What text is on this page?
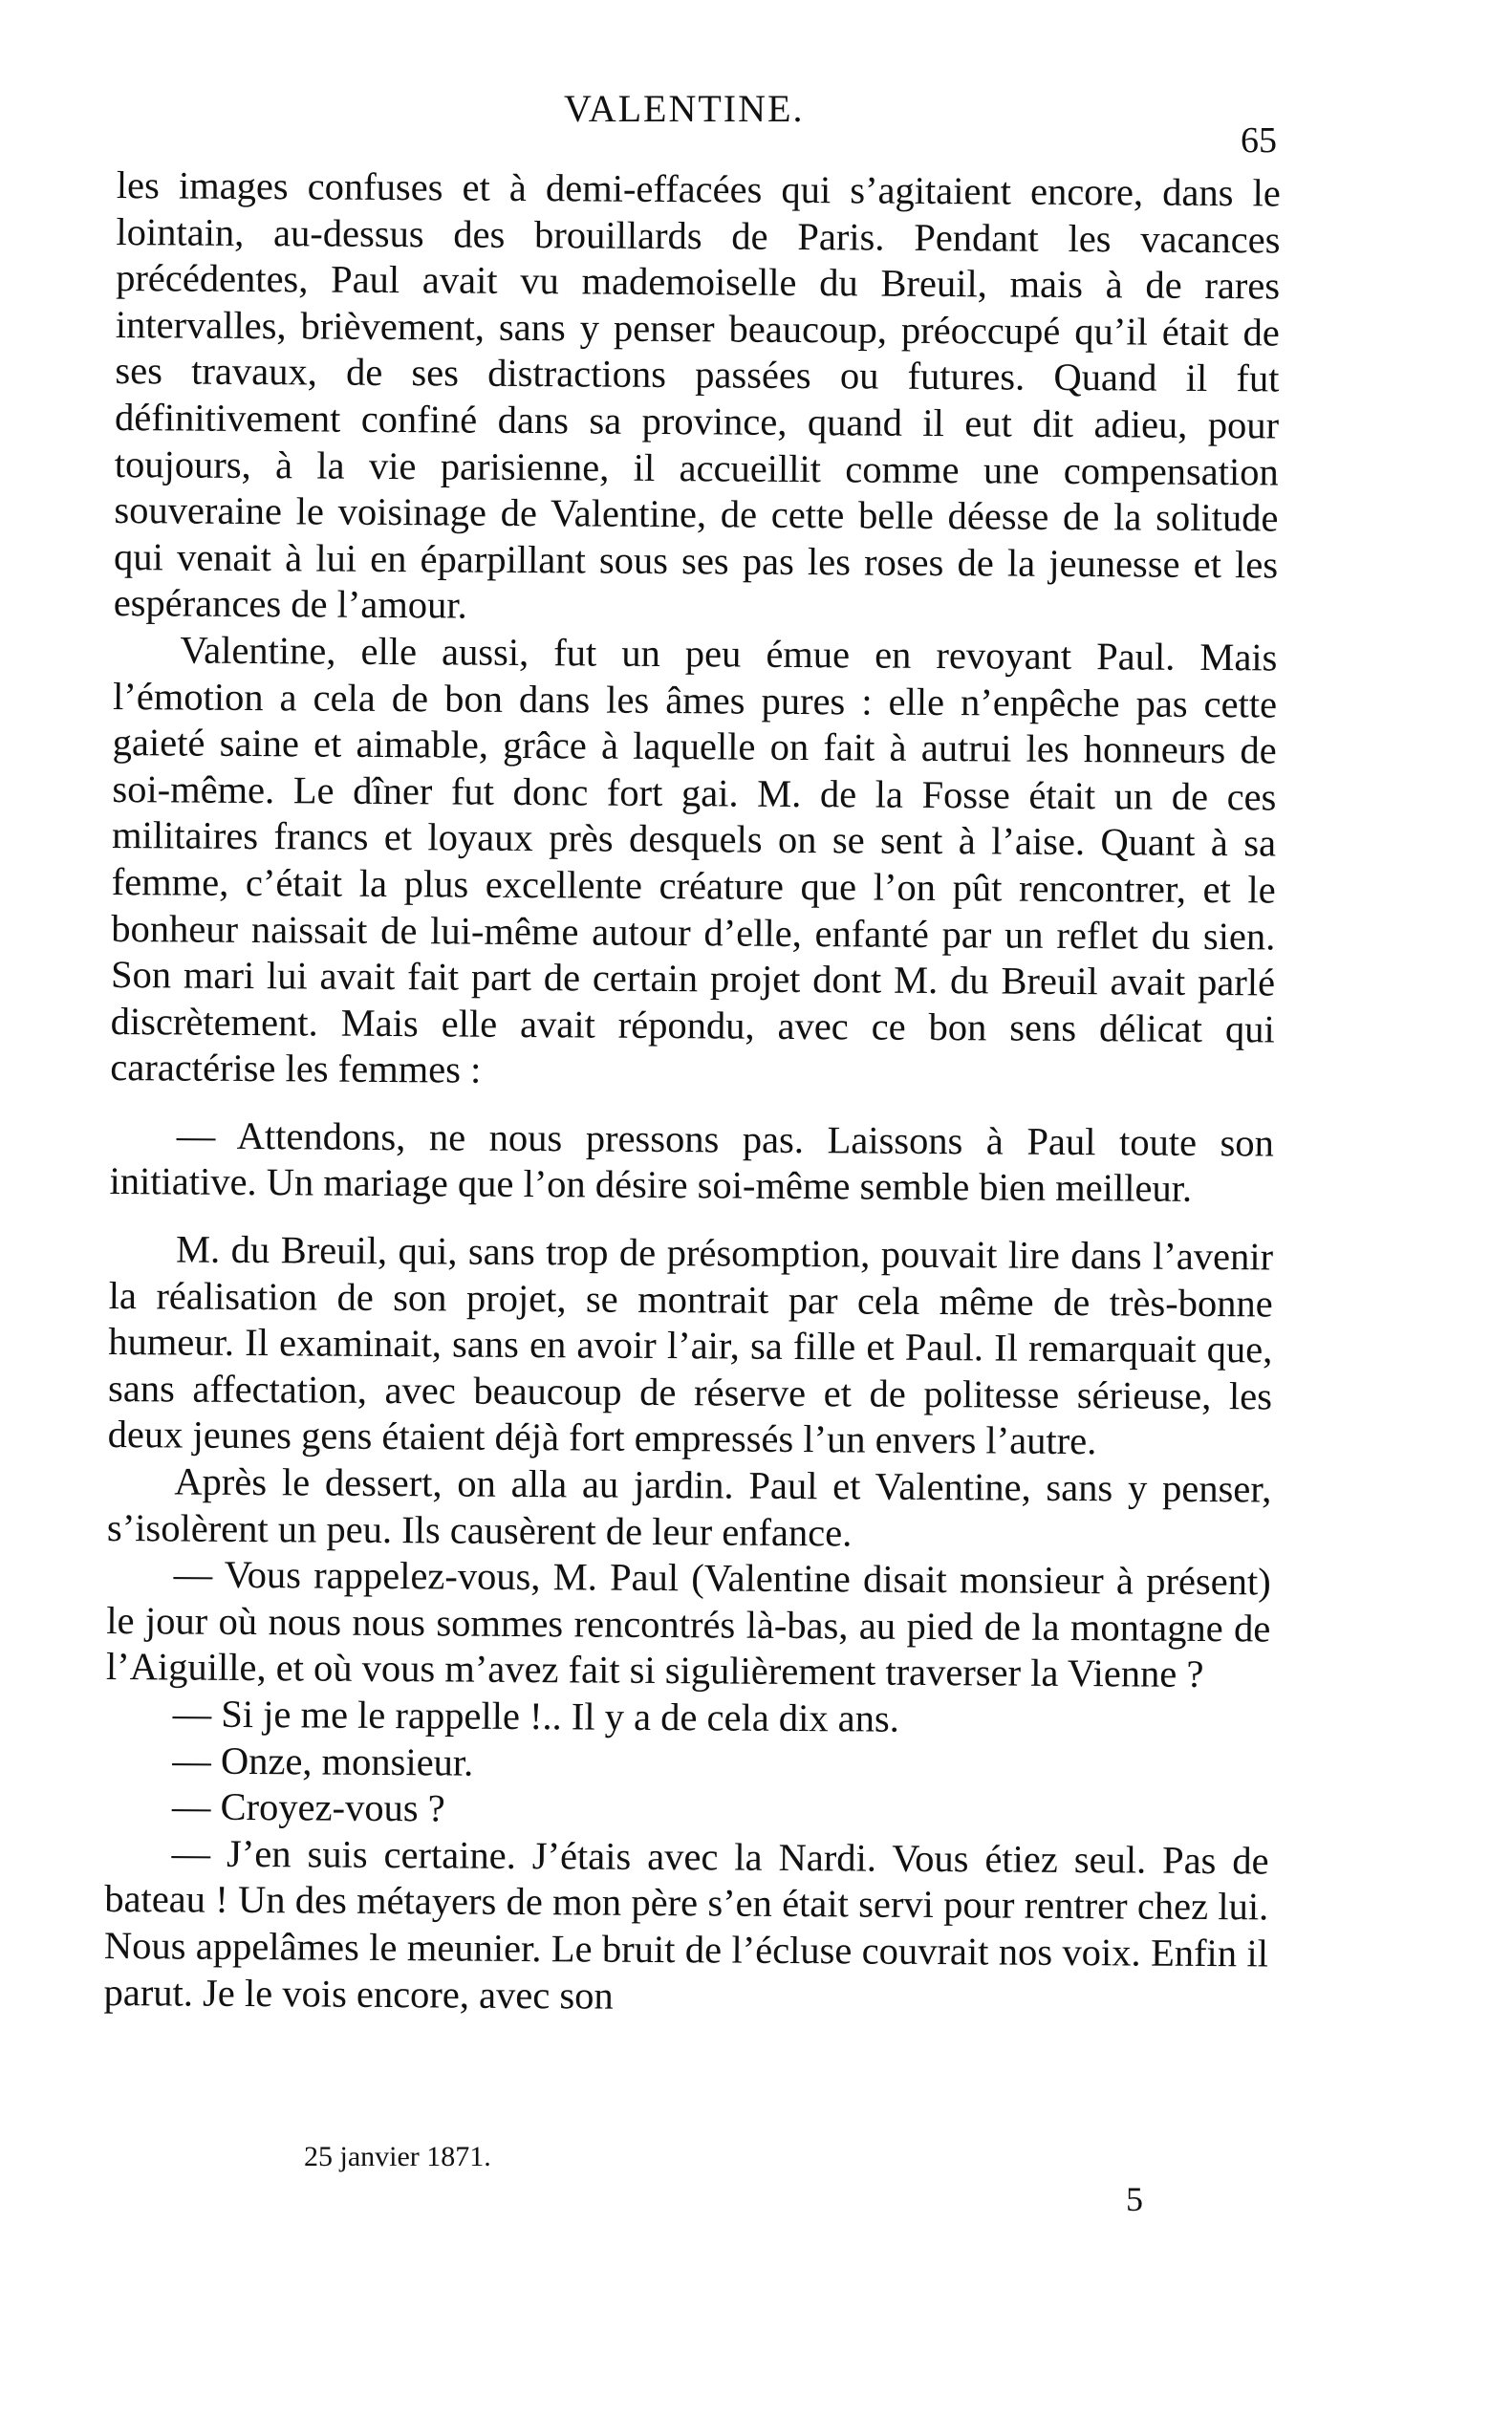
VALENTINE.
65

les images confuses et à demi-effacées qui s’agitaient encore, dans le lointain, au-dessus des brouillards de Paris. Pendant les vacances précédentes, Paul avait vu mademoiselle du Breuil, mais à de rares intervalles, brièvement, sans y penser beaucoup, préoccupé qu’il était de ses travaux, de ses distractions passées ou futures. Quand il fut définitivement confiné dans sa province, quand il eut dit adieu, pour toujours, à la vie parisienne, il accueillit comme une compensation souveraine le voisinage de Valentine, de cette belle déesse de la solitude qui venait à lui en éparpillant sous ses pas les roses de la jeunesse et les espérances de l’amour.

Valentine, elle aussi, fut un peu émue en revoyant Paul. Mais l’émotion a cela de bon dans les âmes pures : elle n’enpêche pas cette gaieté saine et aimable, grâce à laquelle on fait à autrui les honneurs de soi-même. Le dîner fut donc fort gai. M. de la Fosse était un de ces militaires francs et loyaux près desquels on se sent à l’aise. Quant à sa femme, c’était la plus excellente créature que l’on pût rencontrer, et le bonheur naissait de lui-même autour d’elle, enfanté par un reflet du sien. Son mari lui avait fait part de certain projet dont M. du Breuil avait parlé discrètement. Mais elle avait répondu, avec ce bon sens délicat qui caractérise les femmes :

— Attendons, ne nous pressons pas. Laissons à Paul toute son initiative. Un mariage que l’on désire soi-même semble bien meilleur.

M. du Breuil, qui, sans trop de présomption, pouvait lire dans l’avenir la réalisation de son projet, se montrait par cela même de très-bonne humeur. Il examinait, sans en avoir l’air, sa fille et Paul. Il remarquait que, sans affectation, avec beaucoup de réserve et de politesse sérieuse, les deux jeunes gens étaient déjà fort empressés l’un envers l’autre.

Après le dessert, on alla au jardin. Paul et Valentine, sans y penser, s’isolèrent un peu. Ils causèrent de leur enfance.

— Vous rappelez-vous, M. Paul (Valentine disait monsieur à présent) le jour où nous nous sommes rencontrés là-bas, au pied de la montagne de l’Aiguille, et où vous m’avez fait si sigulièrement traverser la Vienne ?

— Si je me le rappelle !.. Il y a de cela dix ans.

— Onze, monsieur.

— Croyez-vous ?

— J’en suis certaine. J’étais avec la Nardi. Vous étiez seul. Pas de bateau ! Un des métayers de mon père s’en était servi pour rentrer chez lui. Nous appelâmes le meunier. Le bruit de l’écluse couvrait nos voix. Enfin il parut. Je le vois encore, avec son

25 janvier 1871.
5
